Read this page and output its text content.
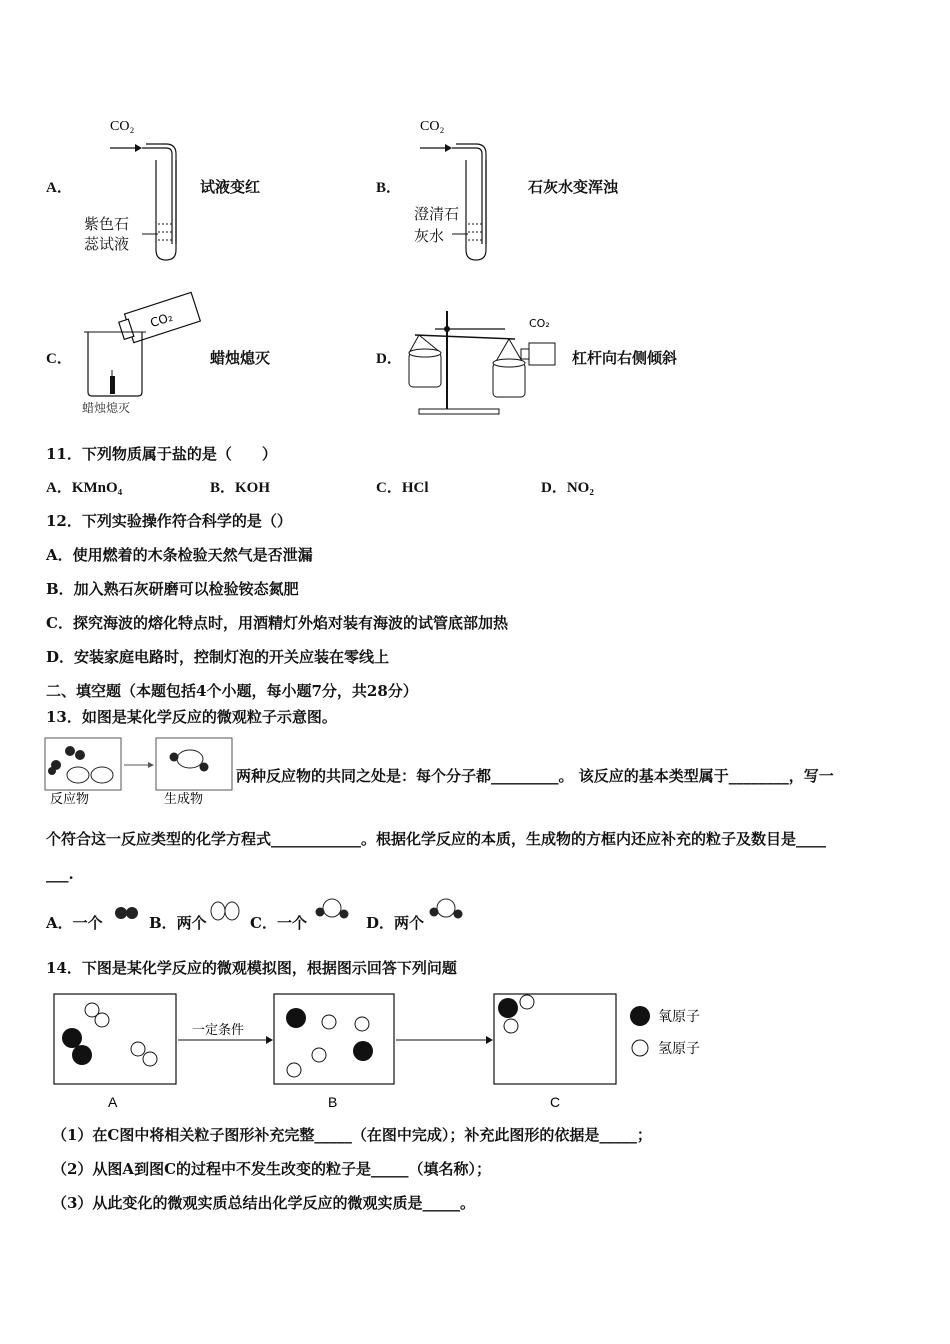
A．
CO₂
紫色石
蕊试液
试液变红	B．
CO₂
澄清石
灰水
石灰水变浑浊
C．
CO₂
蜡烛熄灭
蜡烛熄灭	D．
CO₂
杠杆向右侧倾斜
11．下列物质属于盐的是（　　）
A．KMnO₄	B．KOH	C．HCl	D．NO₂
12．下列实验操作符合科学的是（）
A．使用燃着的木条检验天然气是否泄漏
B．加入熟石灰研磨可以检验铵态氮肥
C．探究海波的熔化特点时，用酒精灯外焰对装有海波的试管底部加热
D．安装家庭电路时，控制灯泡的开关应装在零线上
二、填空题（本题包括4个小题，每小题7分，共28分）
13．如图是某化学反应的微观粒子示意图。
反应物	生成物
两种反应物的共同之处是：每个分子都_________。 该反应的基本类型属于________，写一
个符合这一反应类型的化学方程式____________。根据化学反应的本质，生成物的方框内还应补充的粒子及数目是____
___.
A．一个	B．两个	C．一个	D．两个
14．下图是某化学反应的微观模拟图，根据图示回答下列问题
一定条件
氧原子
氢原子
A	B	C
（1）在C图中将相关粒子图形补充完整_____（在图中完成）；补充此图形的依据是_____；
（2）从图A到图C的过程中不发生改变的粒子是_____（填名称）；
（3）从此变化的微观实质总结出化学反应的微观实质是_____。
